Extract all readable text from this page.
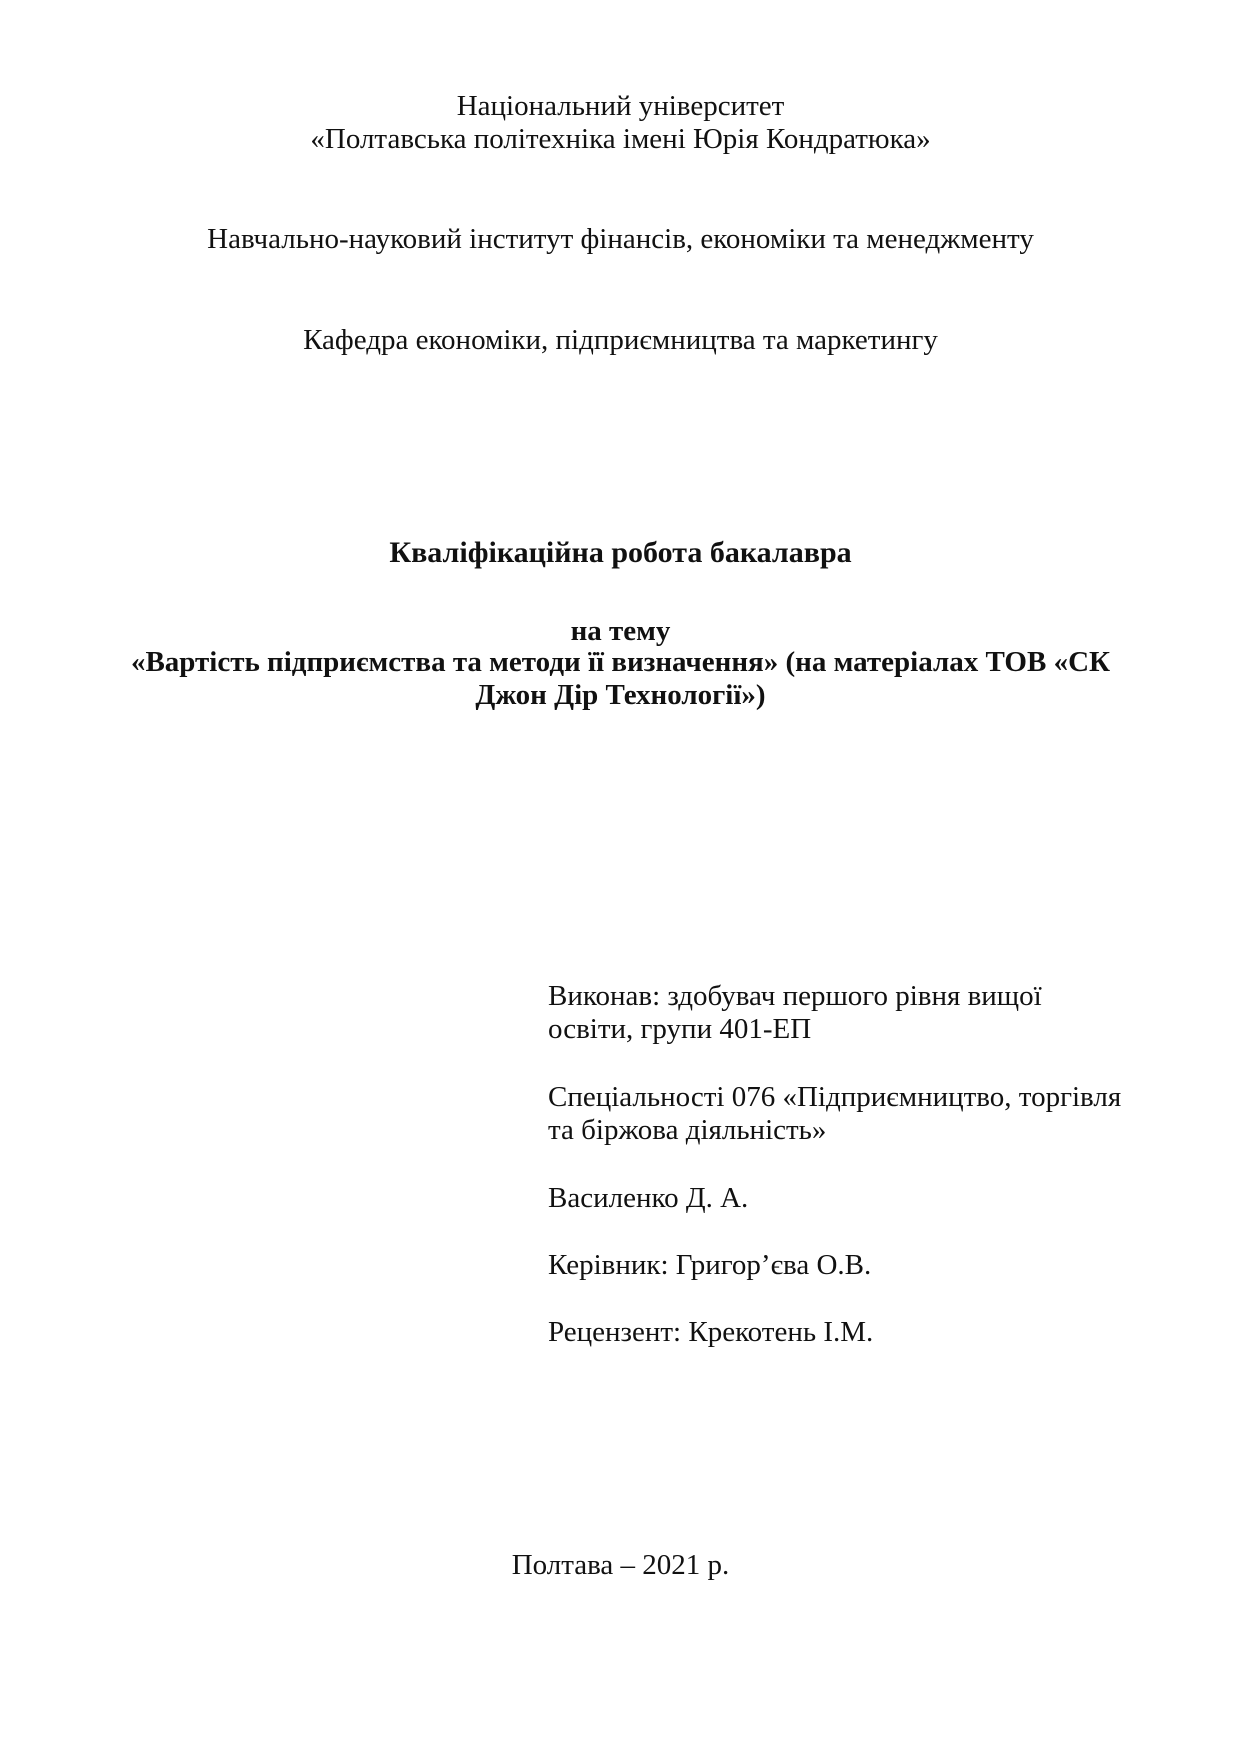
Національний університет
«Полтавська політехніка імені Юрія Кондратюка»
Навчально-науковий інститут фінансів, економіки та менеджменту
Кафедра економіки, підприємництва та маркетингу
Кваліфікаційна робота бакалавра
на тему
«Вартість підприємства та методи її визначення» (на матеріалах ТОВ «СК
Джон Дір Технології»)
Виконав: здобувач першого рівня вищої
освіти, групи 401-ЕП
Спеціальності 076 «Підприємництво, торгівля
та біржова діяльність»
Василенко Д. А.
Керівник: Григор’єва О.В.
Рецензент: Крекотень І.М.
Полтава – 2021 р.
